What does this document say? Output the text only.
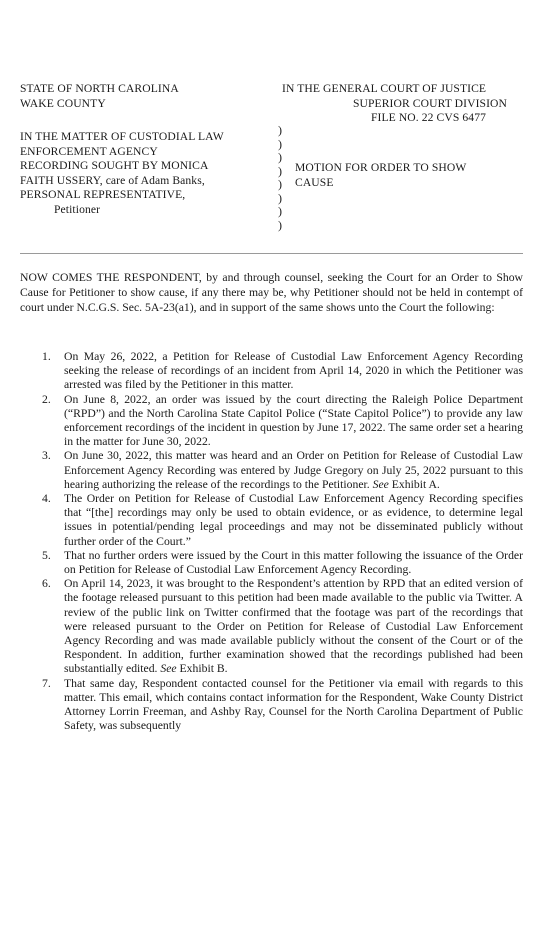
STATE OF NORTH CAROLINA
WAKE COUNTY
IN THE GENERAL COURT OF JUSTICE
SUPERIOR COURT DIVISION
FILE NO. 22 CVS 6477
IN THE MATTER OF CUSTODIAL LAW
ENFORCEMENT AGENCY
RECORDING SOUGHT BY MONICA
FAITH USSERY, care of Adam Banks,
PERSONAL REPRESENTATIVE,
Petitioner
)
)
)
)
)
)
)
)
MOTION FOR ORDER TO SHOW
CAUSE
NOW COMES THE RESPONDENT, by and through counsel, seeking the Court for an Order to Show Cause for Petitioner to show cause, if any there may be, why Petitioner should not be held in contempt of court under N.C.G.S. Sec. 5A-23(a1), and in support of the same shows unto the Court the following:
1. On May 26, 2022, a Petition for Release of Custodial Law Enforcement Agency Recording seeking the release of recordings of an incident from April 14, 2020 in which the Petitioner was arrested was filed by the Petitioner in this matter.
2. On June 8, 2022, an order was issued by the court directing the Raleigh Police Department (“RPD”) and the North Carolina State Capitol Police (“State Capitol Police”) to provide any law enforcement recordings of the incident in question by June 17, 2022. The same order set a hearing in the matter for June 30, 2022.
3. On June 30, 2022, this matter was heard and an Order on Petition for Release of Custodial Law Enforcement Agency Recording was entered by Judge Gregory on July 25, 2022 pursuant to this hearing authorizing the release of the recordings to the Petitioner. See Exhibit A.
4. The Order on Petition for Release of Custodial Law Enforcement Agency Recording specifies that “[the] recordings may only be used to obtain evidence, or as evidence, to determine legal issues in potential/pending legal proceedings and may not be disseminated publicly without further order of the Court.”
5. That no further orders were issued by the Court in this matter following the issuance of the Order on Petition for Release of Custodial Law Enforcement Agency Recording.
6. On April 14, 2023, it was brought to the Respondent’s attention by RPD that an edited version of the footage released pursuant to this petition had been made available to the public via Twitter. A review of the public link on Twitter confirmed that the footage was part of the recordings that were released pursuant to the Order on Petition for Release of Custodial Law Enforcement Agency Recording and was made available publicly without the consent of the Court or of the Respondent. In addition, further examination showed that the recordings published had been substantially edited. See Exhibit B.
7. That same day, Respondent contacted counsel for the Petitioner via email with regards to this matter. This email, which contains contact information for the Respondent, Wake County District Attorney Lorrin Freeman, and Ashby Ray, Counsel for the North Carolina Department of Public Safety, was subsequently
